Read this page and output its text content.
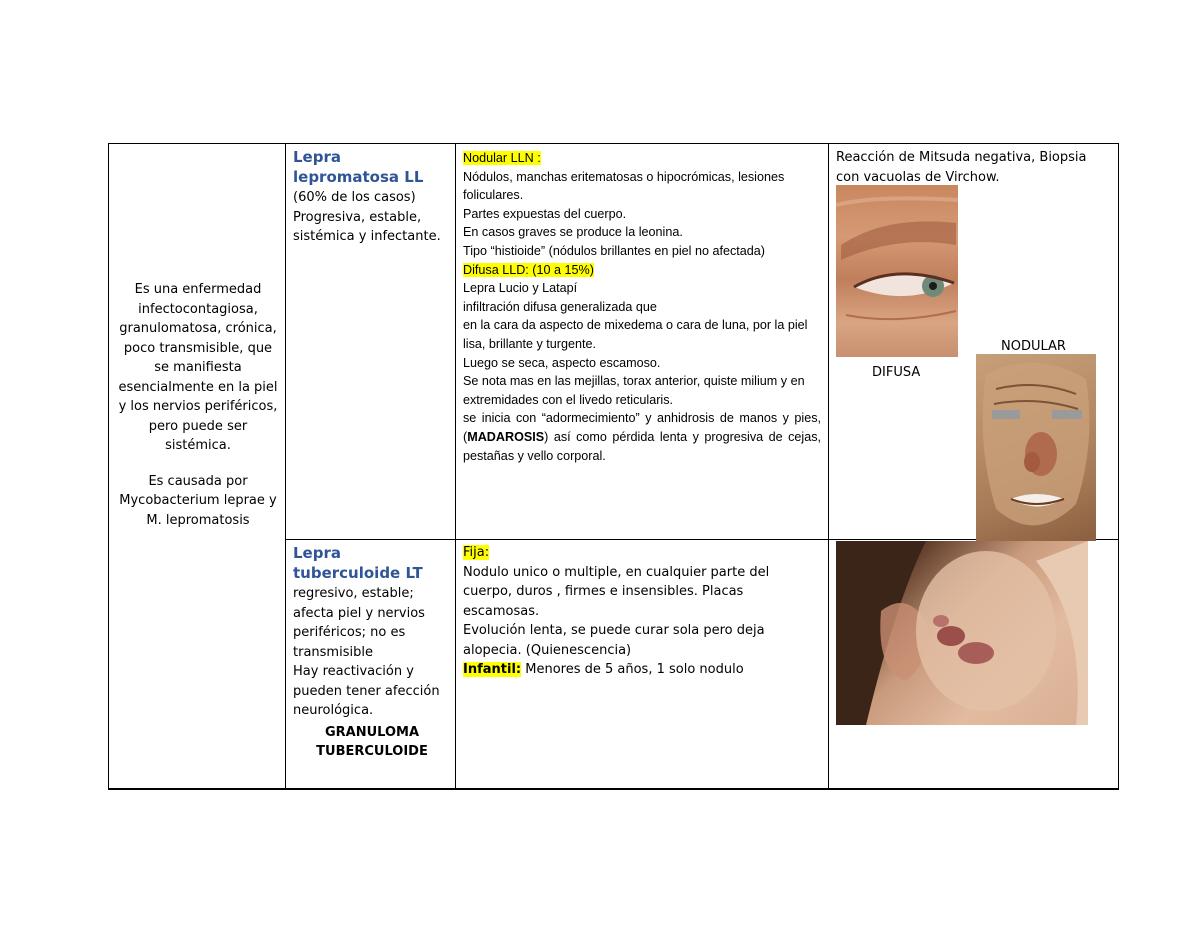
Es una enfermedad infectocontagiosa, granulomatosa, crónica, poco transmisible, que se manifiesta esencialmente en la piel y los nervios periféricos, pero puede ser sistémica.

Es causada por Mycobacterium leprae y M. lepromatosis

Lepra lepromatosa LL
(60% de los casos)
Progresiva, estable, sistémica y infectante.
Nodular LLN :
Nódulos, manchas eritematosas o hipocrómicas, lesiones foliculares.
Partes expuestas del cuerpo.
En casos graves se produce la leonina.
Tipo “histioide” (nódulos brillantes en piel no afectada)
Difusa LLD: (10 a 15%)
Lepra Lucio y Latapí
infiltración difusa generalizada que
en la cara da aspecto de mixedema o cara de luna, por la piel lisa, brillante y turgente.
Luego se seca, aspecto escamoso.
Se nota mas en las mejillas, torax anterior, quiste milium y en extremidades con el livedo reticularis.
se inicia con “adormecimiento” y anhidrosis de manos y pies, (MADAROSIS) así como pérdida lenta y progresiva de cejas, pestañas y vello corporal.
Reacción de Mitsuda negativa, Biopsia con vacuolas de Virchow.
DIFUSA
NODULAR
Lepra tuberculoide LT
regresivo, estable; afecta piel y nervios periféricos; no es transmisible
Hay reactivación y pueden tener afección neurológica.
GRANULOMA TUBERCULOIDE
Fija:
Nodulo unico o multiple, en cualquier parte del cuerpo, duros , firmes e insensibles. Placas escamosas.
Evolución lenta, se puede curar sola pero deja alopecia. (Quienescencia)
Infantil: Menores de 5 años, 1 solo nodulo
